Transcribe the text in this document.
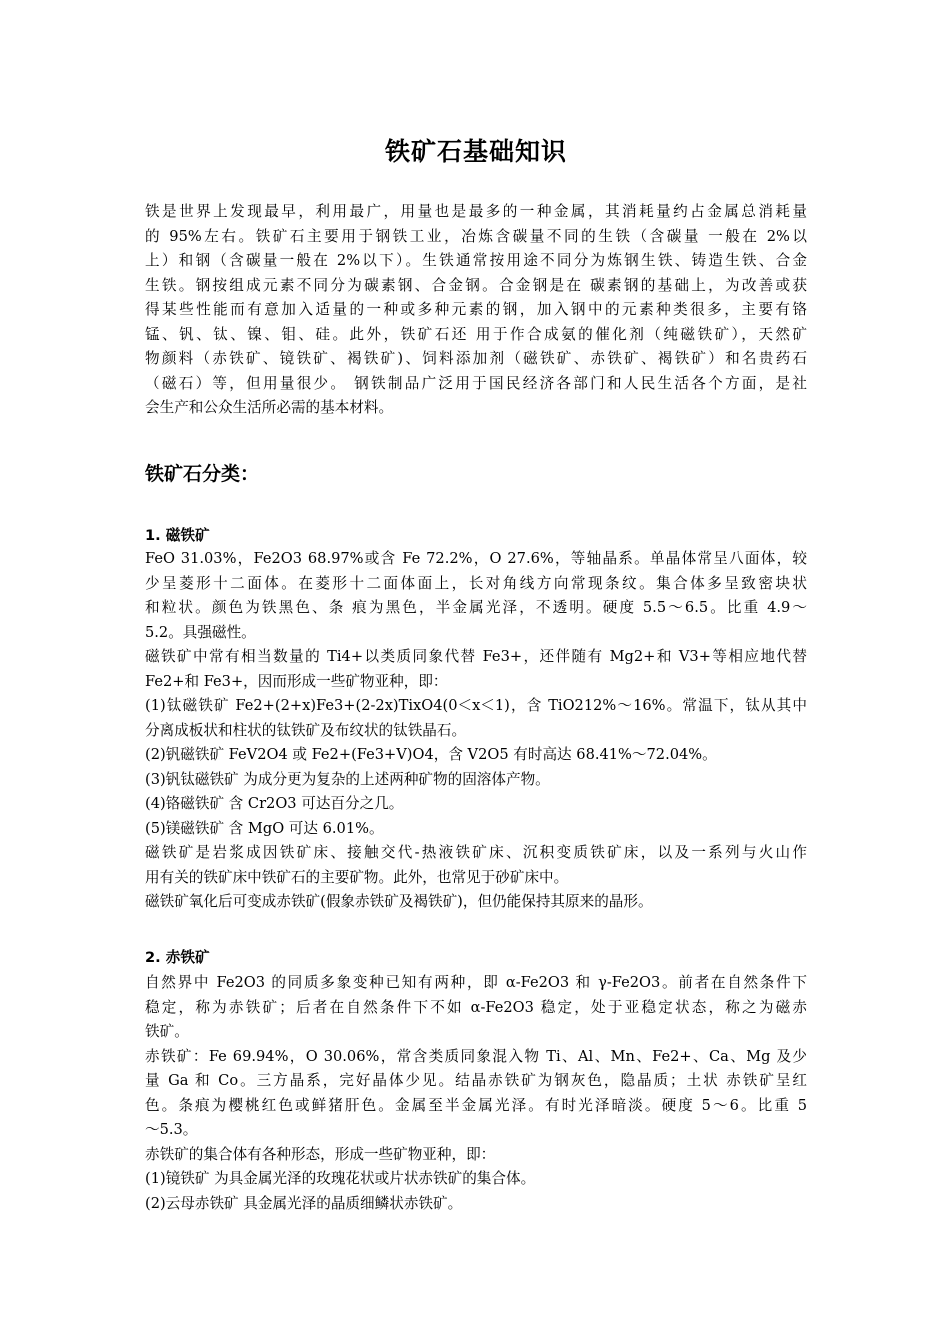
铁矿石基础知识
铁是世界上发现最早，利用最广，用量也是最多的一种金属，其消耗量约占金属总消耗量
的 95%左右。铁矿石主要用于钢铁工业，冶炼含碳量不同的生铁（含碳量 一般在 2%以
上）和钢（含碳量一般在 2%以下）。生铁通常按用途不同分为炼钢生铁、铸造生铁、合金
生铁。钢按组成元素不同分为碳素钢、合金钢。合金钢是在 碳素钢的基础上，为改善或获
得某些性能而有意加入适量的一种或多种元素的钢，加入钢中的元素种类很多，主要有铬
锰、钒、钛、镍、钼、硅。此外，铁矿石还 用于作合成氨的催化剂（纯磁铁矿），天然矿
物颜料（赤铁矿、镜铁矿、褐铁矿)、饲料添加剂（磁铁矿、赤铁矿、褐铁矿）和名贵药石
（磁石）等，但用量很少。 钢铁制品广泛用于国民经济各部门和人民生活各个方面，是社
会生产和公众生活所必需的基本材料。
铁矿石分类：
1. 磁铁矿
FeO 31.03%，Fe2O3 68.97%或含 Fe 72.2%，O 27.6%，等轴晶系。单晶体常呈八面体，较
少呈菱形十二面体。在菱形十二面体面上，长对角线方向常现条纹。集合体多呈致密块状
和粒状。颜色为铁黑色、条 痕为黑色，半金属光泽，不透明。硬度 5.5～6.5。比重 4.9～
5.2。具强磁性。
磁铁矿中常有相当数量的 Ti4+以类质同象代替 Fe3+，还伴随有 Mg2+和 V3+等相应地代替
Fe2+和 Fe3+，因而形成一些矿物亚种，即：
(1)钛磁铁矿 Fe2+(2+x)Fe3+(2-2x)TixO4(0＜x＜1)，含 TiO212%～16%。常温下，钛从其中
分离成板状和柱状的钛铁矿及布纹状的钛铁晶石。
(2)钒磁铁矿 FeV2O4 或 Fe2+(Fe3+V)O4，含 V2O5 有时高达 68.41%～72.04%。
(3)钒钛磁铁矿 为成分更为复杂的上述两种矿物的固溶体产物。
(4)铬磁铁矿 含 Cr2O3 可达百分之几。
(5)镁磁铁矿 含 MgO 可达 6.01%。
磁铁矿是岩浆成因铁矿床、接触交代-热液铁矿床、沉积变质铁矿床，以及一系列与火山作
用有关的铁矿床中铁矿石的主要矿物。此外，也常见于砂矿床中。
磁铁矿氧化后可变成赤铁矿(假象赤铁矿及褐铁矿)，但仍能保持其原来的晶形。
2. 赤铁矿
自然界中 Fe2O3 的同质多象变种已知有两种，即 α-Fe2O3 和 γ-Fe2O3。前者在自然条件下
稳定，称为赤铁矿；后者在自然条件下不如 α-Fe2O3 稳定，处于亚稳定状态，称之为磁赤
铁矿。
赤铁矿：Fe 69.94%，O 30.06%，常含类质同象混入物 Ti、Al、Mn、Fe2+、Ca、Mg 及少
量 Ga 和 Co。三方晶系，完好晶体少见。结晶赤铁矿为钢灰色，隐晶质；土状 赤铁矿呈红
色。条痕为樱桃红色或鲜猪肝色。金属至半金属光泽。有时光泽暗淡。硬度 5～6。比重 5
～5.3。
赤铁矿的集合体有各种形态，形成一些矿物亚种，即：
(1)镜铁矿 为具金属光泽的玫瑰花状或片状赤铁矿的集合体。
(2)云母赤铁矿 具金属光泽的晶质细鳞状赤铁矿。
